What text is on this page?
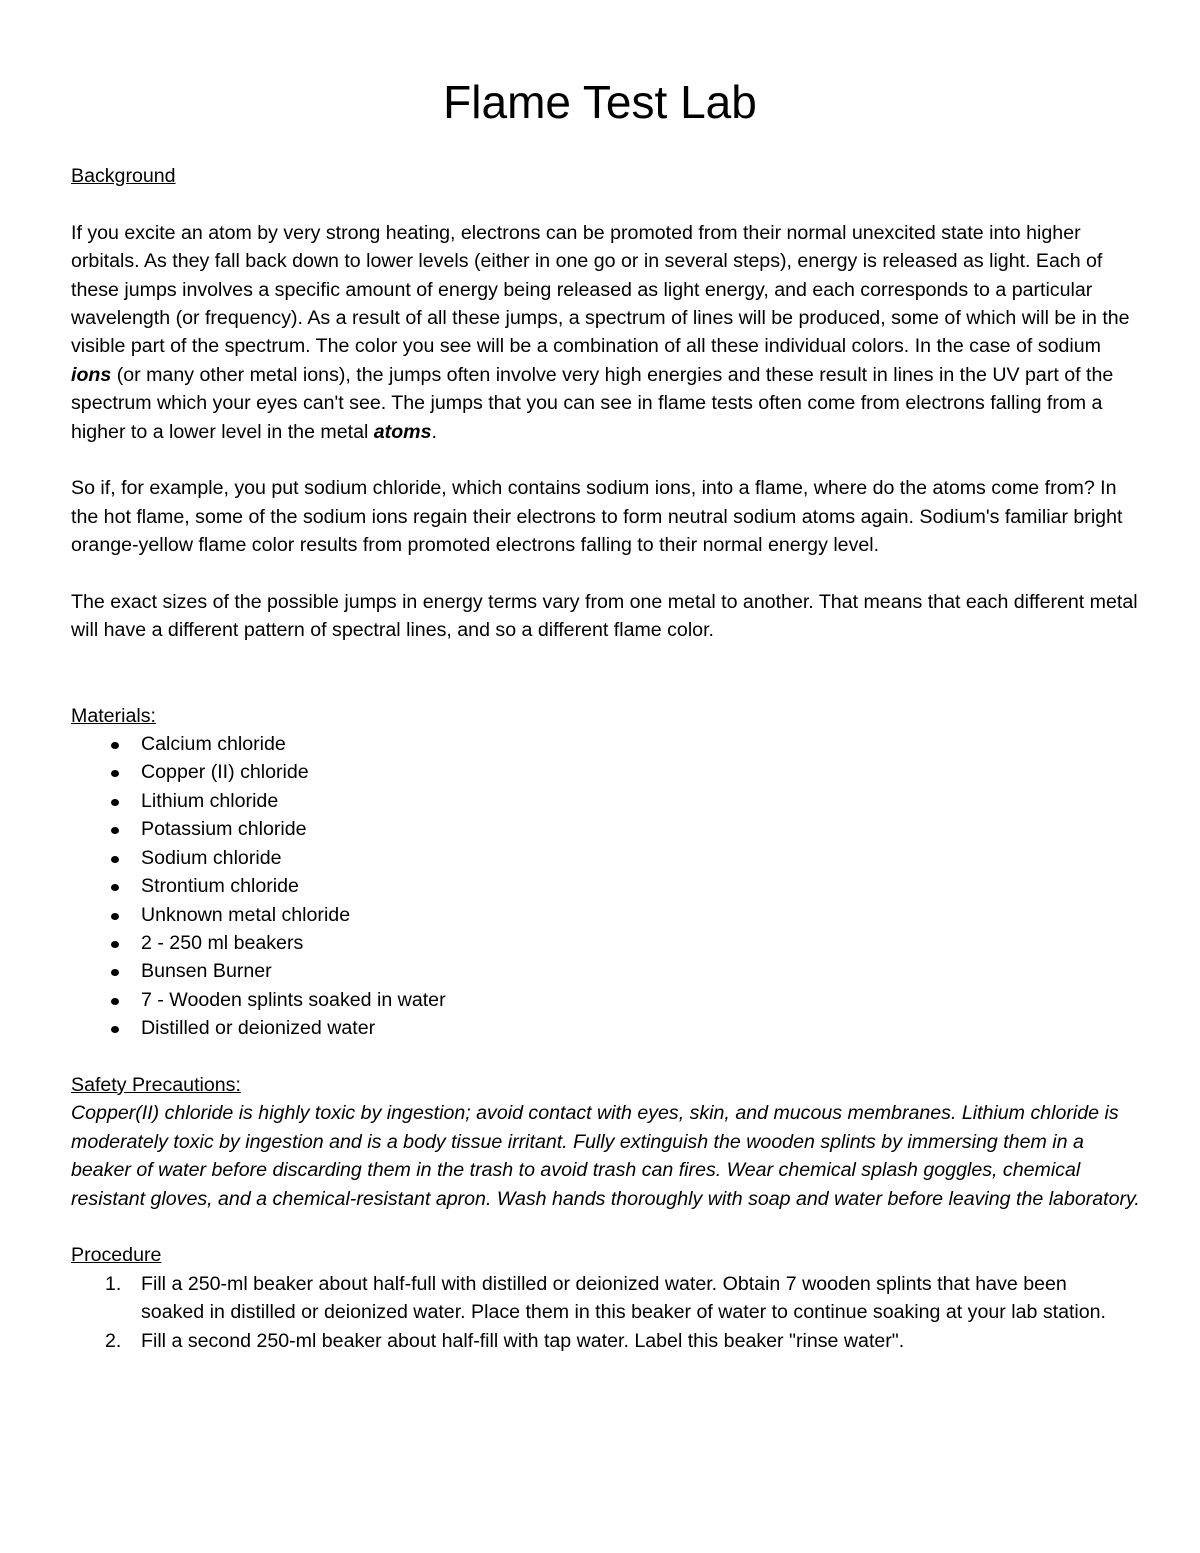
Flame Test Lab

Background

If you excite an atom by very strong heating, electrons can be promoted from their normal unexcited state into higher orbitals. As they fall back down to lower levels (either in one go or in several steps), energy is released as light. Each of these jumps involves a specific amount of energy being released as light energy, and each corresponds to a particular wavelength (or frequency). As a result of all these jumps, a spectrum of lines will be produced, some of which will be in the visible part of the spectrum. The color you see will be a combination of all these individual colors. In the case of sodium ions (or many other metal ions), the jumps often involve very high energies and these result in lines in the UV part of the spectrum which your eyes can't see. The jumps that you can see in flame tests often come from electrons falling from a higher to a lower level in the metal atoms.

So if, for example, you put sodium chloride, which contains sodium ions, into a flame, where do the atoms come from? In the hot flame, some of the sodium ions regain their electrons to form neutral sodium atoms again. Sodium's familiar bright orange-yellow flame color results from promoted electrons falling to their normal energy level.

The exact sizes of the possible jumps in energy terms vary from one metal to another. That means that each different metal will have a different pattern of spectral lines, and so a different flame color.

Materials:

Calcium chloride
Copper (II) chloride
Lithium chloride
Potassium chloride
Sodium chloride
Strontium chloride
Unknown metal chloride
2 - 250 ml beakers
Bunsen Burner
7 - Wooden splints soaked in water
Distilled or deionized water

Safety Precautions:

Copper(II) chloride is highly toxic by ingestion; avoid contact with eyes, skin, and mucous membranes. Lithium chloride is moderately toxic by ingestion and is a body tissue irritant. Fully extinguish the wooden splints by immersing them in a beaker of water before discarding them in the trash to avoid trash can fires. Wear chemical splash goggles, chemical resistant gloves, and a chemical-resistant apron. Wash hands thoroughly with soap and water before leaving the laboratory.

Procedure

1. Fill a 250-ml beaker about half-full with distilled or deionized water. Obtain 7 wooden splints that have been soaked in distilled or deionized water. Place them in this beaker of water to continue soaking at your lab station.
2. Fill a second 250-ml beaker about half-fill with tap water. Label this beaker "rinse water".
